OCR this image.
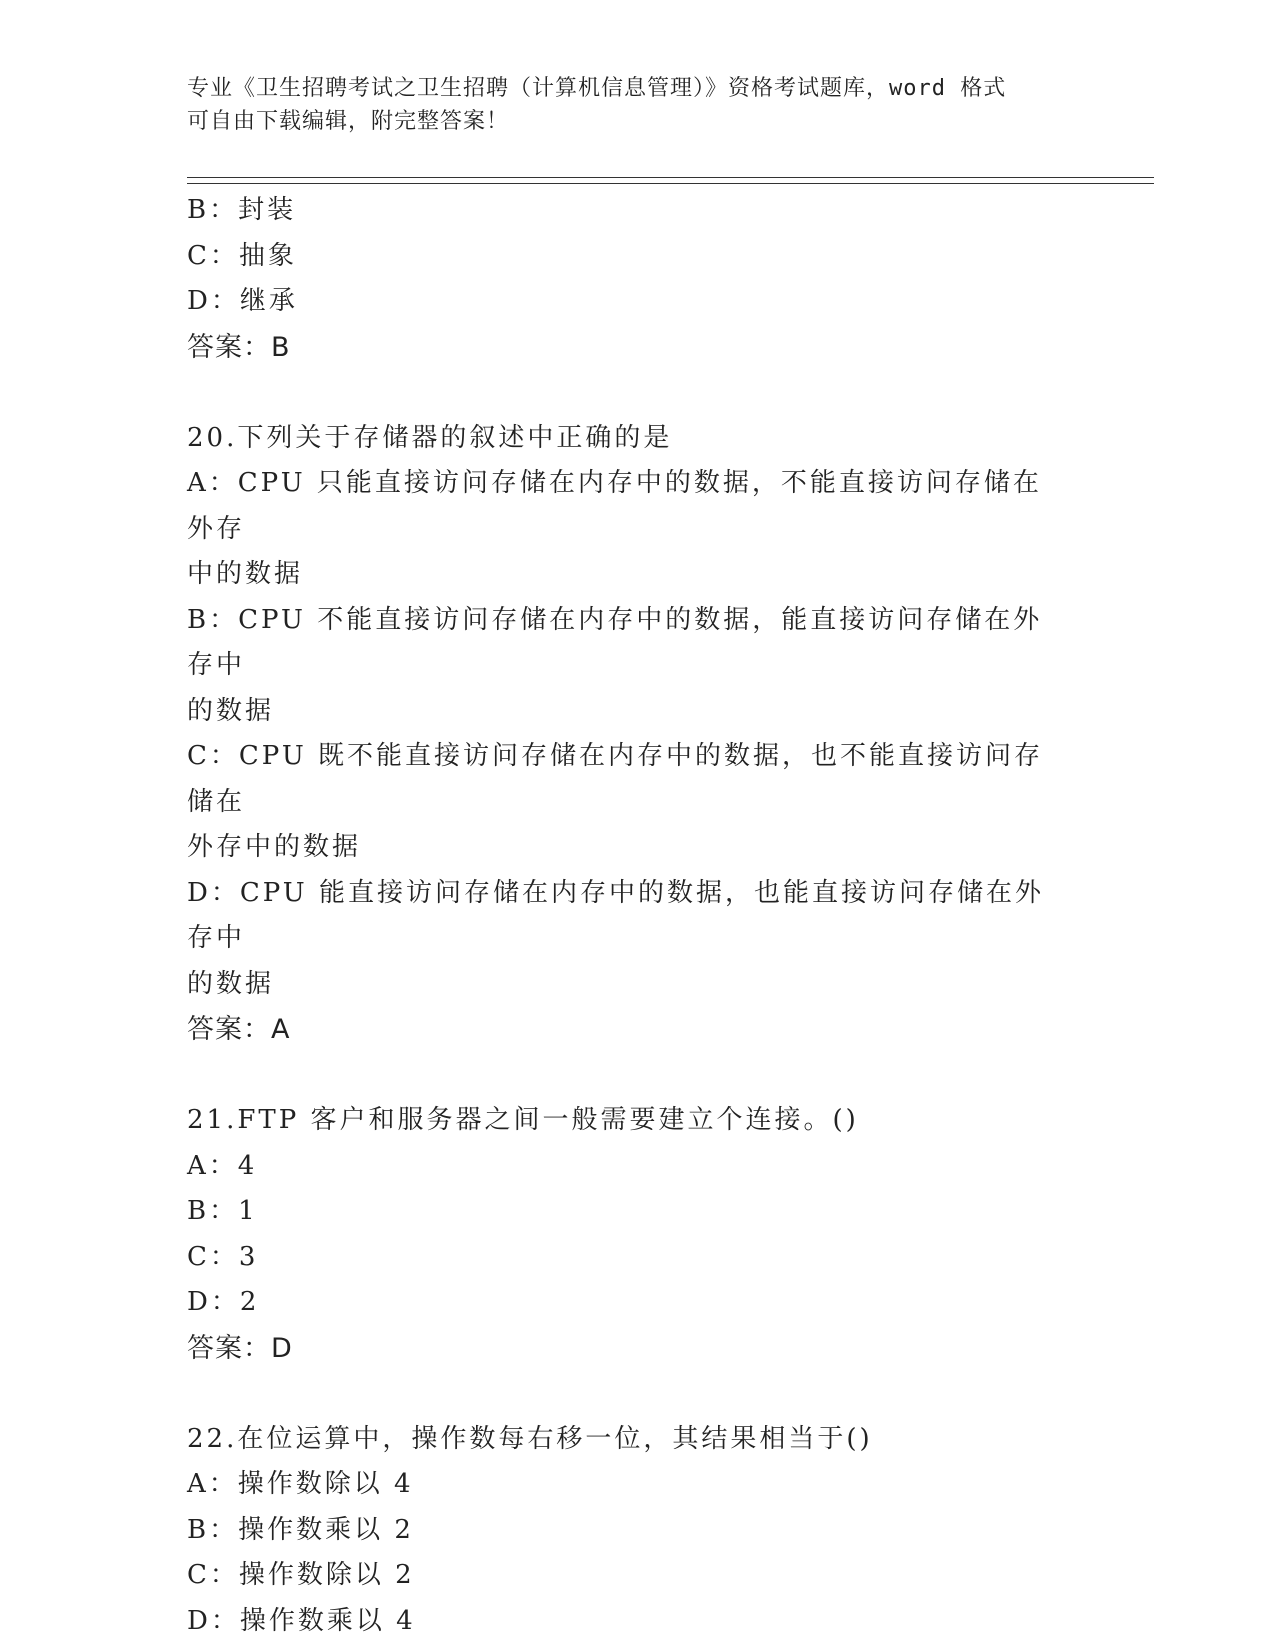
专业《卫生招聘考试之卫生招聘（计算机信息管理）》资格考试题库，word 格式
可自由下载编辑，附完整答案！
B：封装
C：抽象
D：继承
答案：B
20.下列关于存储器的叙述中正确的是
A：CPU 只能直接访问存储在内存中的数据，不能直接访问存储在外存
中的数据
B：CPU 不能直接访问存储在内存中的数据，能直接访问存储在外存中
的数据
C：CPU 既不能直接访问存储在内存中的数据，也不能直接访问存储在
外存中的数据
D：CPU 能直接访问存储在内存中的数据，也能直接访问存储在外存中
的数据
答案：A
21.FTP 客户和服务器之间一般需要建立个连接。()
A：4
B：1
C：3
D：2
答案：D
22.在位运算中，操作数每右移一位，其结果相当于()
A：操作数除以 4
B：操作数乘以 2
C：操作数除以 2
D：操作数乘以 4
